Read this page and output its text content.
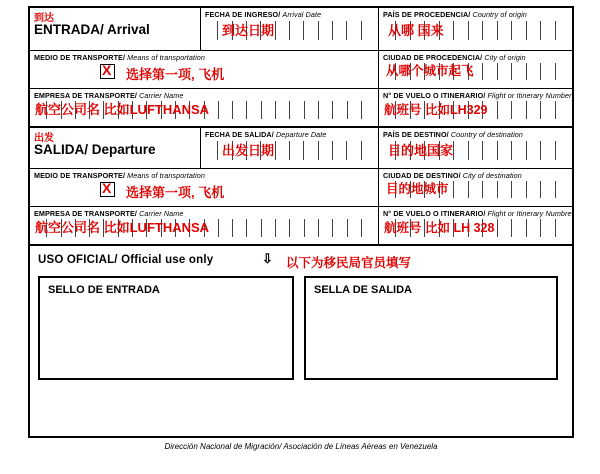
到达
ENTRADA/ Arrival
FECHA DE INGRESO/ Arrival Date
到达日期
PAÍS DE PROCEDENCIA/ Country of origin
从哪 国来
MEDIO DE TRANSPORTE/ Means of transportation
X 选择第一项, 飞机
CIUDAD DE PROCEDENCIA/ City of origin
从哪个城市起飞
EMPRESA DE TRANSPORTE/ Carrier Name
航空公司名 比如LUFTHANSA
N° DE VUELO O ITINERARIO/ Flight or Itinerary Number
航班号 比如LH329
出发
SALIDA/ Departure
FECHA DE SALIDA/ Departure Date
出发日期
PAÍS DE DESTINO/ Country of destination
目的地国家
MEDIO DE TRANSPORTE/ Means of transportation
X 选择第一项, 飞机
CIUDAD DE DESTINO/ City of destination
目的地城市
EMPRESA DE TRANSPORTE/ Carrier Name
航空公司名 比如LUFTHANSA
N° DE VUELO O ITINERARIO/ Flight or Itinerary Numbre
航班号 比如 LH 328
USO OFICIAL/ Official use only	⇩ 以下为移民局官员填写
SELLO DE ENTRADA	SELLA DE SALIDA
Dirección Nacional de Migración/ Asociación de Líneas Aéreas en Venezuela
